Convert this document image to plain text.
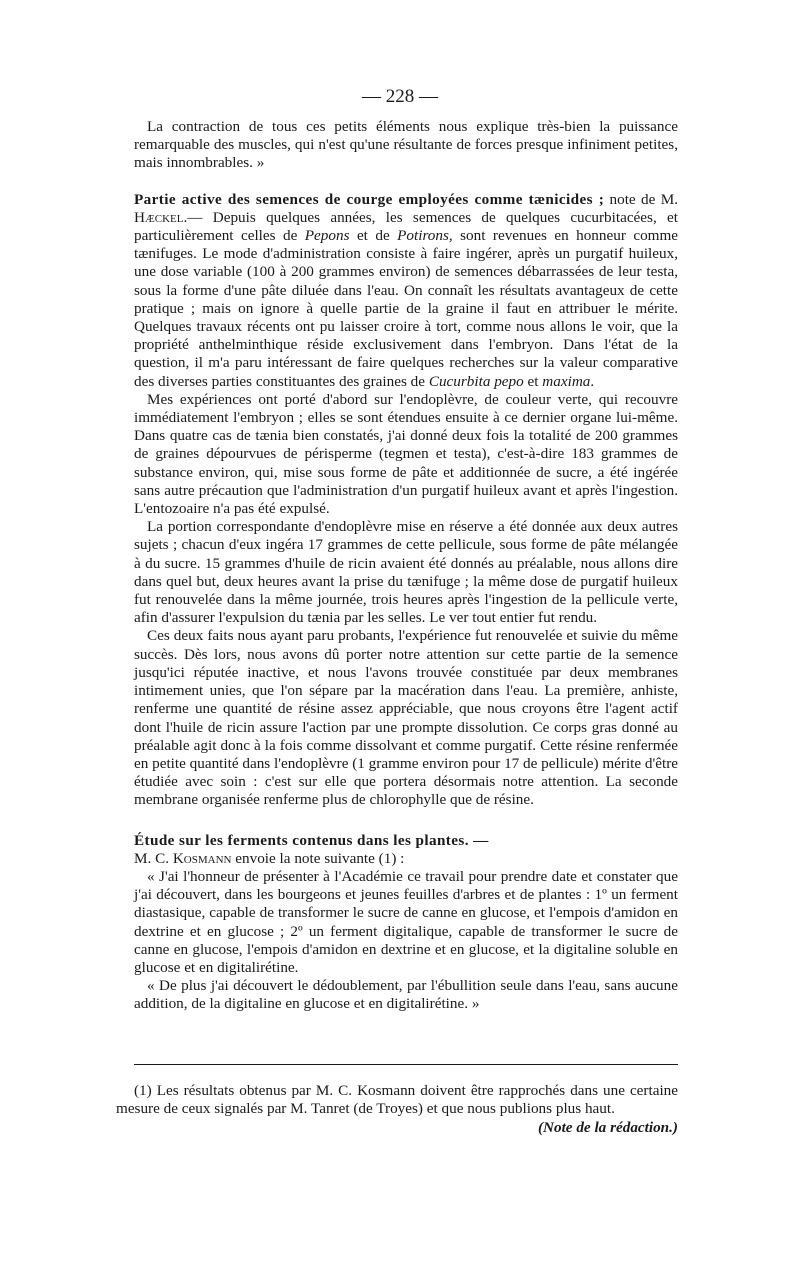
— 228 —

La contraction de tous ces petits éléments nous explique très-bien la puissance remarquable des muscles, qui n'est qu'une résultante de forces presque infiniment petites, mais innombrables. »

Partie active des semences de courge employées comme tænicides ; note de M. Hæckel.— Depuis quelques années, les semences de quelques cucurbitacées, et particulièrement celles de Pepons et de Potirons, sont revenues en honneur comme tænifuges. Le mode d'administration consiste à faire ingérer, après un purgatif huileux, une dose variable (100 à 200 grammes environ) de semences débarrassées de leur testa, sous la forme d'une pâte diluée dans l'eau. On connaît les résultats avantageux de cette pratique ; mais on ignore à quelle partie de la graine il faut en attribuer le mérite. Quelques travaux récents ont pu laisser croire à tort, comme nous allons le voir, que la propriété anthelminthique réside exclusivement dans l'embryon. Dans l'état de la question, il m'a paru intéressant de faire quelques recherches sur la valeur comparative des diverses parties constituantes des graines de Cucurbita pepo et maxima.

Mes expériences ont porté d'abord sur l'endoplèvre, de couleur verte, qui recouvre immédiatement l'embryon ; elles se sont étendues ensuite à ce dernier organe lui-même. Dans quatre cas de tænia bien constatés, j'ai donné deux fois la totalité de 200 grammes de graines dépourvues de périsperme (tegmen et testa), c'est-à-dire 183 grammes de substance environ, qui, mise sous forme de pâte et additionnée de sucre, a été ingérée sans autre précaution que l'administration d'un purgatif huileux avant et après l'ingestion. L'entozoaire n'a pas été expulsé.

La portion correspondante d'endoplèvre mise en réserve a été donnée aux deux autres sujets ; chacun d'eux ingéra 17 grammes de cette pellicule, sous forme de pâte mélangée à du sucre. 15 grammes d'huile de ricin avaient été donnés au préalable, nous allons dire dans quel but, deux heures avant la prise du tænifuge ; la même dose de purgatif huileux fut renouvelée dans la même journée, trois heures après l'ingestion de la pellicule verte, afin d'assurer l'expulsion du tænia par les selles. Le ver tout entier fut rendu.

Ces deux faits nous ayant paru probants, l'expérience fut renouvelée et suivie du même succès. Dès lors, nous avons dû porter notre attention sur cette partie de la semence jusqu'ici réputée inactive, et nous l'avons trouvée constituée par deux membranes intimement unies, que l'on sépare par la macération dans l'eau. La première, anhiste, renferme une quantité de résine assez appréciable, que nous croyons être l'agent actif dont l'huile de ricin assure l'action par une prompte dissolution. Ce corps gras donné au préalable agit donc à la fois comme dissolvant et comme purgatif. Cette résine renfermée en petite quantité dans l'endoplèvre (1 gramme environ pour 17 de pellicule) mérite d'être étudiée avec soin : c'est sur elle que portera désormais notre attention. La seconde membrane organisée renferme plus de chlorophylle que de résine.

Étude sur les ferments contenus dans les plantes. —
M. C. Kosmann envoie la note suivante (1) :

« J'ai l'honneur de présenter à l'Académie ce travail pour prendre date et constater que j'ai découvert, dans les bourgeons et jeunes feuilles d'arbres et de plantes : 1º un ferment diastasique, capable de transformer le sucre de canne en glucose, et l'empois d'amidon en dextrine et en glucose ; 2º un ferment digitalique, capable de transformer le sucre de canne en glucose, l'empois d'amidon en dextrine et en glucose, et la digitaline soluble en glucose et en digitalirétine.

« De plus j'ai découvert le dédoublement, par l'ébullition seule dans l'eau, sans aucune addition, de la digitaline en glucose et en digitalirétine. »

(1) Les résultats obtenus par M. C. Kosmann doivent être rapprochés dans une certaine mesure de ceux signalés par M. Tanret (de Troyes) et que nous publions plus haut.
(Note de la rédaction.)
